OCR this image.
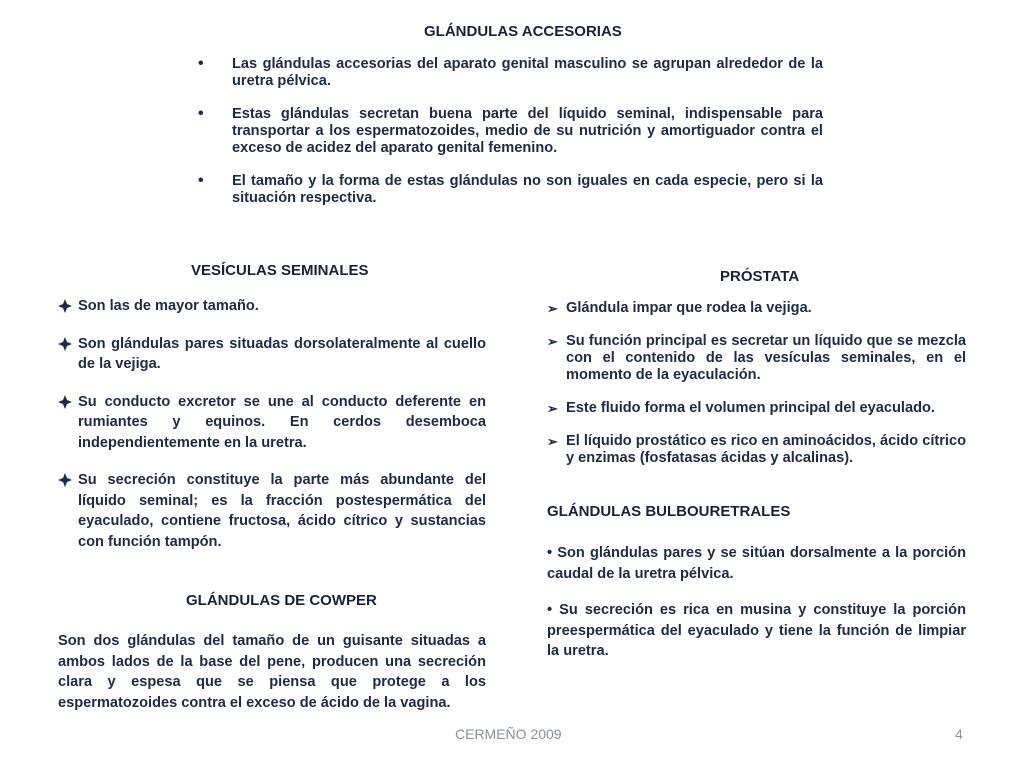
GLÁNDULAS ACCESORIAS
• Las glándulas accesorias del aparato genital masculino se agrupan alrededor de la uretra pélvica.
• Estas glándulas secretan buena parte del líquido seminal, indispensable para transportar a los espermatozoides, medio de su nutrición y amortiguador contra el exceso de acidez del aparato genital femenino.
• El tamaño y la forma de estas glándulas no son iguales en cada especie, pero si la situación respectiva.
VESÍCULAS SEMINALES
Son las de mayor tamaño.
Son glándulas pares situadas dorsolateralmente al cuello de la vejiga.
Su conducto excretor se une al conducto deferente en rumiantes y equinos. En cerdos desemboca independientemente en la uretra.
Su secreción constituye la parte más abundante del líquido seminal; es la fracción postespermática del eyaculado, contiene fructosa, ácido cítrico y sustancias con función tampón.
GLÁNDULAS DE COWPER
Son dos glándulas del tamaño de un guisante situadas a ambos lados de la base del pene, producen una secreción clara y espesa que se piensa que protege a los espermatozoides contra el exceso de ácido de la vagina.
PRÓSTATA
➢ Glándula impar que rodea la vejiga.
➢ Su función principal es secretar un líquido que se mezcla con el contenido de las vesículas seminales, en el momento de la eyaculación.
➢ Este fluido forma el volumen principal del eyaculado.
➢ El líquido prostático es rico en aminoácidos, ácido cítrico y enzimas (fosfatasas ácidas y alcalinas).
GLÁNDULAS BULBOURETRALES

• Son glándulas pares y se sitúan dorsalmente a la porción caudal de la uretra pélvica.

• Su secreción es rica en musina y constituye la porción preespermática del eyaculado y tiene la función de limpiar la uretra.

CERMEÑO 2009	4
